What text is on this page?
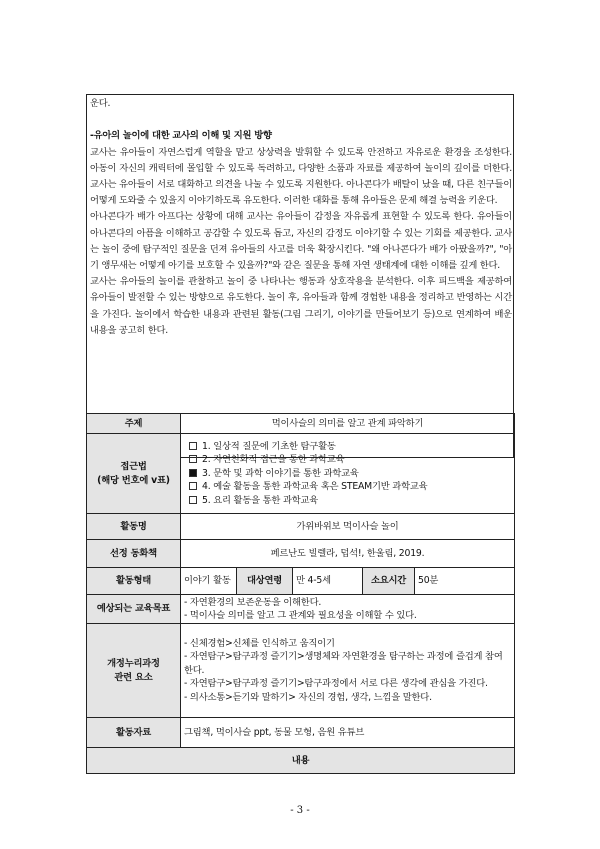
운다.

-유아의 놀이에 대한 교사의 이해 및 지원 방향

교사는 유아들이 자연스럽게 역할을 맡고 상상력을 발휘할 수 있도록 안전하고 자유로운 환경을 조성한다. 아동이 자신의 캐릭터에 몰입할 수 있도록 독려하고, 다양한 소품과 자료를 제공하여 놀이의 깊이를 더한다. 교사는 유아들이 서로 대화하고 의견을 나눌 수 있도록 지원한다. 아나콘다가 배탈이 났을 때, 다른 친구들이 어떻게 도와줄 수 있을지 이야기하도록 유도한다. 이러한 대화를 통해 유아들은 문제 해결 능력을 키운다.

아나콘다가 배가 아프다는 상황에 대해 교사는 유아들이 감정을 자유롭게 표현할 수 있도록 한다. 유아들이 아나콘다의 아픔을 이해하고 공감할 수 있도록 돕고, 자신의 감정도 이야기할 수 있는 기회를 제공한다. 교사는 놀이 중에 탐구적인 질문을 던져 유아들의 사고를 더욱 확장시킨다. "왜 아나콘다가 배가 아팠을까?", "아기 앵무새는 어떻게 아기를 보호할 수 있을까?"와 같은 질문을 통해 자연 생태계에 대한 이해를 깊게 한다.

교사는 유아들의 놀이를 관찰하고 놀이 중 나타나는 행동과 상호작용을 분석한다. 이후 피드백을 제공하여 유아들이 발전할 수 있는 방향으로 유도한다. 놀이 후, 유아들과 함께 경험한 내용을 정리하고 반영하는 시간을 가진다. 놀이에서 학습한 내용과 관련된 활동(그림 그리기, 이야기를 만들어보기 등)으로 연계하여 배운 내용을 공고히 한다.

주제	먹이사슬의 의미를 알고 관계 파악하기				

접근법
(해당 번호에 v표)	1. 일상적 질문에 기초한 탐구활동
2. 자연친화적 접근을 통한 과학교육
3. 문학 및 과학 이야기를 통한 과학교육
4. 예술 활동을 통한 과학교육 혹은 STEAM기반 과학교육
5. 요리 활동을 통한 과학교육				

활동명	가위바위보 먹이사슬 놀이				
선정 동화책	페르난도 빌렐라, 덥석!, 한울림, 2019.				
활동형태	이야기 활동	대상연령	만 4-5세	소요시간	50분
예상되는 교육목표	- 자연환경의 보존운동을 이해한다.
- 먹이사슬 의미를 알고 그 관계와 필요성을 이해할 수 있다.				

개정누리과정
관련 요소	- 신체경험>신체를 인식하고 움직이기
- 자연탐구>탐구과정 즐기기>생명체와 자연환경을 탐구하는 과정에 즐겁게 참여한다.
- 자연탐구>탐구과정 즐기기>탐구과정에서 서로 다른 생각에 관심을 가진다.
- 의사소통>듣기와 말하기> 자신의 경험, 생각, 느낌을 말한다.				

활동자료	그림책, 먹이사슬 ppt, 동물 모형, 음원 유튜브				
내용					
- 3 -
